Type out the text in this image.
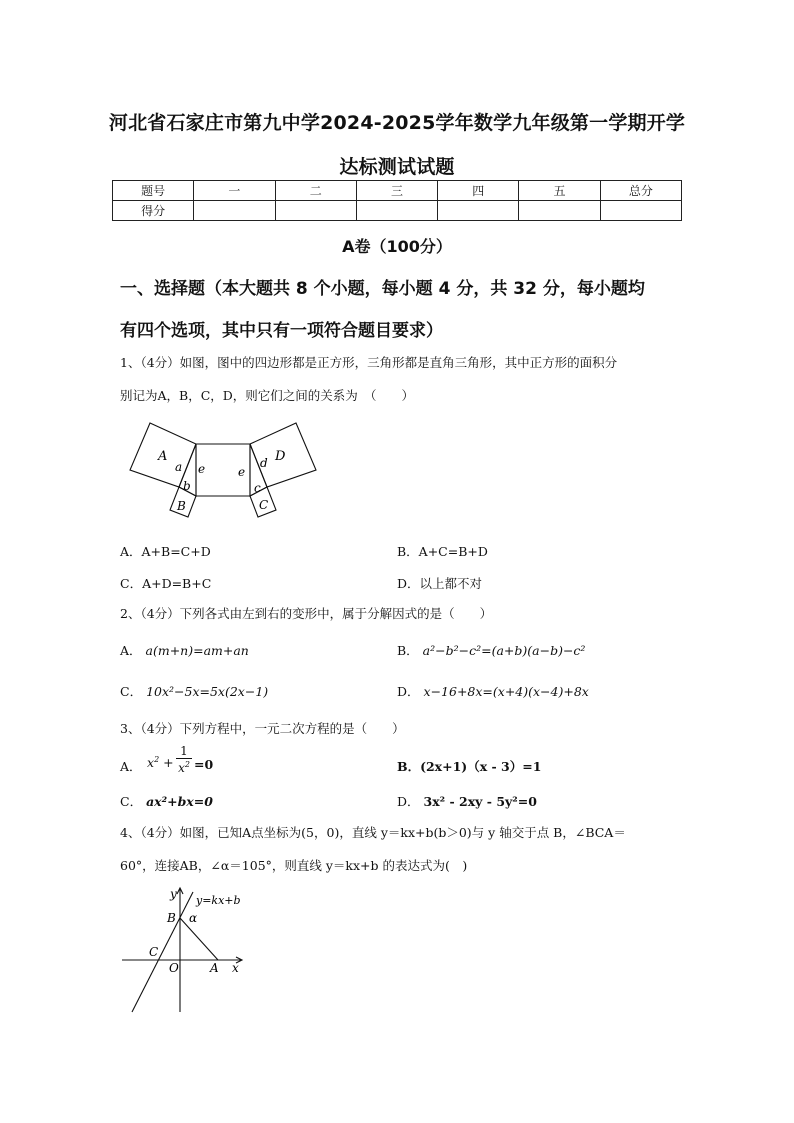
河北省石家庄市第九中学2024-2025学年数学九年级第一学期开学
达标测试试题
题号	一	二	三	四	五	总分
得分						
A卷（100分）
一、选择题（本大题共 8 个小题，每小题 4 分，共 32 分，每小题均
有四个选项，其中只有一项符合题目要求）
1、（4分）如图，图中的四边形都是正方形，三角形都是直角三角形，其中正方形的面积分
别记为A，B，C，D，则它们之间的关系为　（　　）
A
a e
b
B
e
d D
c
C
A．A+B=C+D	B．A+C=B+D
C．A+D=B+C	D．以上都不对
2、（4分）下列各式由左到右的变形中，属于分解因式的是（　　）
A． a(m+n)=am+an	B． a²−b²−c²=(a+b)(a−b)−c²
C． 10x²−5x=5x(2x−1)	D． x−16+8x=(x+4)(x−4)+8x
3、（4分）下列方程中，一元二次方程的是（　　）
A． $x^2 + \frac{1}{x^2} =0$	B．(2x+1)（x - 3）=1
C． ax²+bx=0	D． 3x² - 2xy - 5y²=0
4、（4分）如图，已知A点坐标为(5，0)，直线 y＝kx+b(b＞0)与 y 轴交于点 B，∠BCA＝
60°，连接AB，∠α＝105°，则直线 y＝kx+b 的表达式为(　)
y y=kx+b
B α
C
O	A x
